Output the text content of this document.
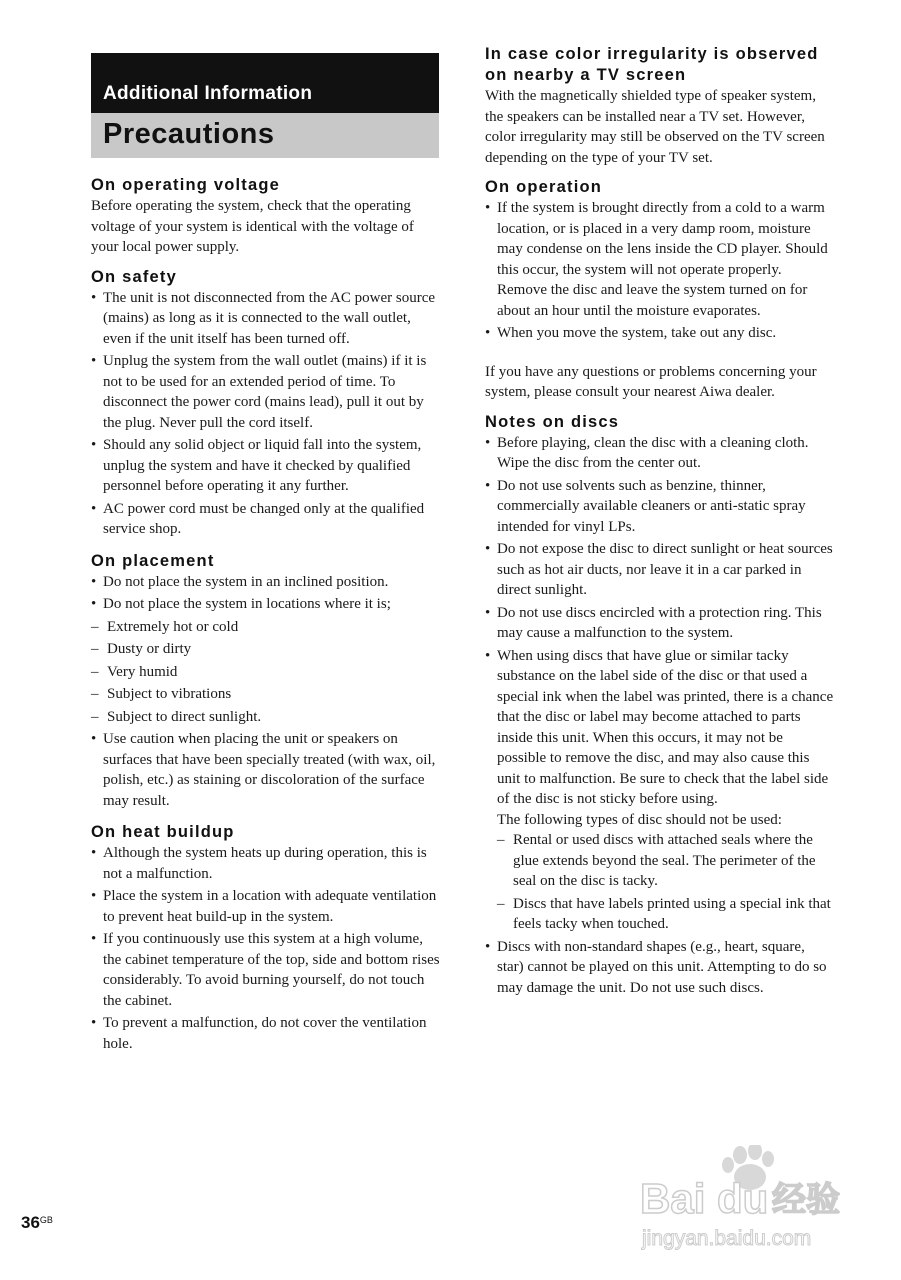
Additional Information
Precautions
On operating voltage

Before operating the system, check that the operating voltage of your system is identical with the voltage of your local power supply.

On safety
• The unit is not disconnected from the AC power source (mains) as long as it is connected to the wall outlet, even if the unit itself has been turned off.
• Unplug the system from the wall outlet (mains) if it is not to be used for an extended period of time. To disconnect the power cord (mains lead), pull it out by the plug. Never pull the cord itself.
• Should any solid object or liquid fall into the system, unplug the system and have it checked by qualified personnel before operating it any further.
• AC power cord must be changed only at the qualified service shop.
On placement
• Do not place the system in an inclined position.
• Do not place the system in locations where it is;
– Extremely hot or cold
– Dusty or dirty
– Very humid
– Subject to vibrations
– Subject to direct sunlight.
• Use caution when placing the unit or speakers on surfaces that have been specially treated (with wax, oil, polish, etc.) as staining or discoloration of the surface may result.
On heat buildup
• Although the system heats up during operation, this is not a malfunction.
• Place the system in a location with adequate ventilation to prevent heat build-up in the system.
• If you continuously use this system at a high volume, the cabinet temperature of the top, side and bottom rises considerably. To avoid burning yourself, do not touch the cabinet.
• To prevent a malfunction, do not cover the ventilation hole.
In case color irregularity is observed on nearby a TV screen

With the magnetically shielded type of speaker system, the speakers can be installed near a TV set. However, color irregularity may still be observed on the TV screen depending on the type of your TV set.

On operation
• If the system is brought directly from a cold to a warm location, or is placed in a very damp room, moisture may condense on the lens inside the CD player. Should this occur, the system will not operate properly. Remove the disc and leave the system turned on for about an hour until the moisture evaporates.
• When you move the system, take out any disc.

If you have any questions or problems concerning your system, please consult your nearest Aiwa dealer.

Notes on discs
• Before playing, clean the disc with a cleaning cloth. Wipe the disc from the center out.
• Do not use solvents such as benzine, thinner, commercially available cleaners or anti-static spray intended for vinyl LPs.
• Do not expose the disc to direct sunlight or heat sources such as hot air ducts, nor leave it in a car parked in direct sunlight.
• Do not use discs encircled with a protection ring. This may cause a malfunction to the system.
• When using discs that have glue or similar tacky substance on the label side of the disc or that used a special ink when the label was printed, there is a chance that the disc or label may become attached to parts inside this unit. When this occurs, it may not be possible to remove the disc, and may also cause this unit to malfunction. Be sure to check that the label side of the disc is not sticky before using.
The following types of disc should not be used:
– Rental or used discs with attached seals where the glue extends beyond the seal. The perimeter of the seal on the disc is tacky.
– Discs that have labels printed using a special ink that feels tacky when touched.
• Discs with non-standard shapes (e.g., heart, square, star) cannot be played on this unit. Attempting to do so may damage the unit. Do not use such discs.
$36^{GB}$	Bai du 经验
jingyan.baidu.com
